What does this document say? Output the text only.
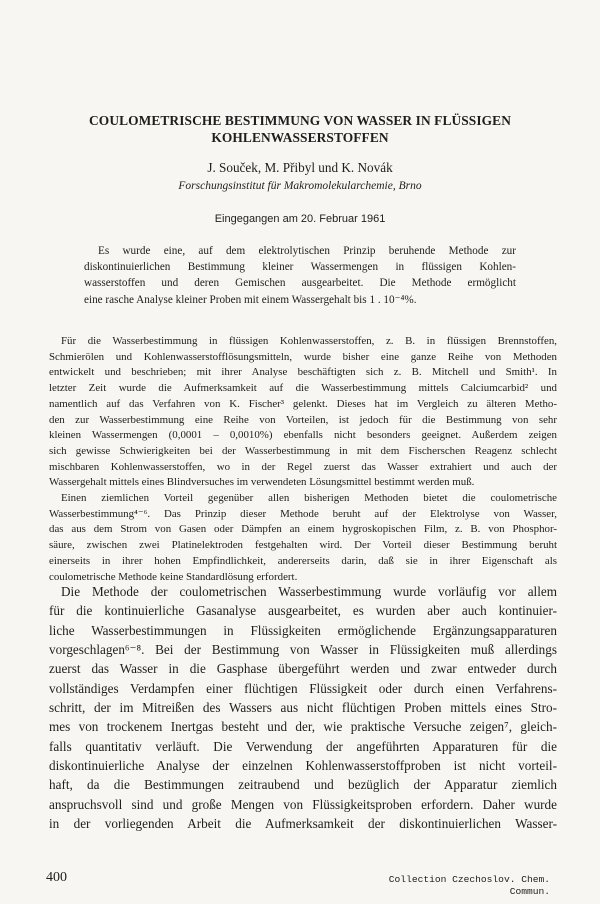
COULOMETRISCHE BESTIMMUNG VON WASSER IN FLÜSSIGEN
KOHLENWASSERSTOFFEN
J. Souček, M. Přibyl und K. Novák
Forschungsinstitut für Makromolekularchemie, Brno
Eingegangen am 20. Februar 1961
Es wurde eine, auf dem elektrolytischen Prinzip beruhende Methode zur
diskontinuierlichen Bestimmung kleiner Wassermengen in flüssigen Kohlen-
wasserstoffen und deren Gemischen ausgearbeitet. Die Methode ermöglicht
eine rasche Analyse kleiner Proben mit einem Wassergehalt bis 1 . 10⁻⁴%.
Für die Wasserbestimmung in flüssigen Kohlenwasserstoffen, z. B. in flüssigen Brennstoffen,
Schmierölen und Kohlenwasserstofflösungsmitteln, wurde bisher eine ganze Reihe von Methoden
entwickelt und beschrieben; mit ihrer Analyse beschäftigten sich z. B. Mitchell und Smith¹. In
letzter Zeit wurde die Aufmerksamkeit auf die Wasserbestimmung mittels Calciumcarbid² und
namentlich auf das Verfahren von K. Fischer³ gelenkt. Dieses hat im Vergleich zu älteren Metho-
den zur Wasserbestimmung eine Reihe von Vorteilen, ist jedoch für die Bestimmung von sehr
kleinen Wassermengen (0,0001 – 0,0010%) ebenfalls nicht besonders geeignet. Außerdem zeigen
sich gewisse Schwierigkeiten bei der Wasserbestimmung in mit dem Fischerschen Reagenz schlecht
mischbaren Kohlenwasserstoffen, wo in der Regel zuerst das Wasser extrahiert und auch der
Wassergehalt mittels eines Blindversuches im verwendeten Lösungsmittel bestimmt werden muß.
Einen ziemlichen Vorteil gegenüber allen bisherigen Methoden bietet die coulometrische
Wasserbestimmung⁴⁻⁶. Das Prinzip dieser Methode beruht auf der Elektrolyse von Wasser,
das aus dem Strom von Gasen oder Dämpfen an einem hygroskopischen Film, z. B. von Phosphor-
säure, zwischen zwei Platinelektroden festgehalten wird. Der Vorteil dieser Bestimmung beruht
einerseits in ihrer hohen Empfindlichkeit, andererseits darin, daß sie in ihrer Eigenschaft als
coulometrische Methode keine Standardlösung erfordert.
Die Methode der coulometrischen Wasserbestimmung wurde vorläufig vor allem
für die kontinuierliche Gasanalyse ausgearbeitet, es wurden aber auch kontinuier-
liche Wasserbestimmungen in Flüssigkeiten ermöglichende Ergänzungsapparaturen
vorgeschlagen⁶⁻⁸. Bei der Bestimmung von Wasser in Flüssigkeiten muß allerdings
zuerst das Wasser in die Gasphase übergeführt werden und zwar entweder durch
vollständiges Verdampfen einer flüchtigen Flüssigkeit oder durch einen Verfahrens-
schritt, der im Mitreißen des Wassers aus nicht flüchtigen Proben mittels eines Stro-
mes von trockenem Inertgas besteht und der, wie praktische Versuche zeigen⁷, gleich-
falls quantitativ verläuft. Die Verwendung der angeführten Apparaturen für die
diskontinuierliche Analyse der einzelnen Kohlenwasserstoffproben ist nicht vorteil-
haft, da die Bestimmungen zeitraubend und bezüglich der Apparatur ziemlich
anspruchsvoll sind und große Mengen von Flüssigkeitsproben erfordern. Daher wurde
in der vorliegenden Arbeit die Aufmerksamkeit der diskontinuierlichen Wasser-
400	Collection Czechoslov. Chem. Commun.
